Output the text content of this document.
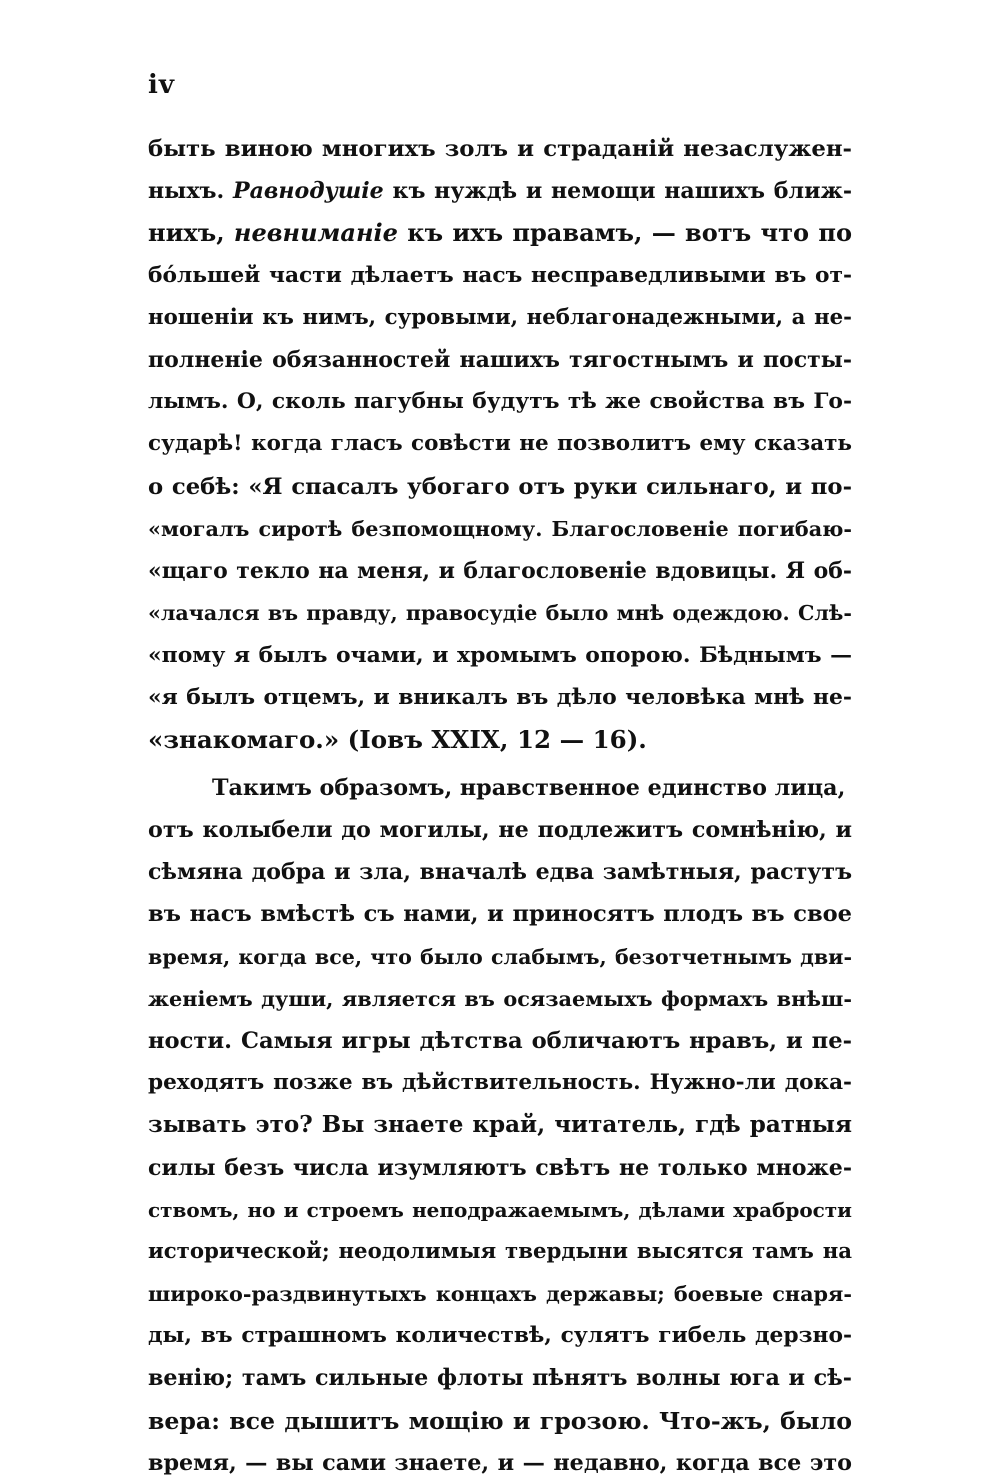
iv
быть виною многихъ золъ и страданій незаслужен-
ныхъ. Равнодушіе къ нуждѣ и немощи нашихъ ближ-
нихъ, невниманіе къ ихъ правамъ, — вотъ что по
бóльшей части дѣлаетъ насъ несправедливыми въ от-
ношеніи къ нимъ, суровыми, неблагонадежными, а не-
полненіе обязанностей нашихъ тягостнымъ и посты-
лымъ. О, сколь пагубны будутъ тѣ же свойства въ Го-
сударѣ! когда гласъ совѣсти не позволитъ ему сказать
о себѣ: «Я спасалъ убогаго отъ руки сильнаго, и по-
«могалъ сиротѣ безпомощному. Благословеніе погибаю-
«щаго текло на меня, и благословеніе вдовицы. Я об-
«лачался въ правду, правосудіе было мнѣ одеждою. Слѣ-
«пому я былъ очами, и хромымъ опорою. Бѣднымъ —
«я былъ отцемъ, и вникалъ въ дѣло человѣка мнѣ не-
«знакомаго.» (Іовъ XXIX, 12 — 16).
Такимъ образомъ, нравственное единство лица,
отъ колыбели до могилы, не подлежитъ сомнѣнію, и
сѣмяна добра и зла, вначалѣ едва замѣтныя, растутъ
въ насъ вмѣстѣ съ нами, и приносятъ плодъ въ свое
время, когда все, что было слабымъ, безотчетнымъ дви-
женіемъ души, является въ осязаемыхъ формахъ внѣш-
ности. Самыя игры дѣтства обличаютъ нравъ, и пе-
реходятъ позже въ дѣйствительность. Нужно-ли дока-
зывать это? Вы знаете край, читатель, гдѣ ратныя
силы безъ числа изумляютъ свѣтъ не только множе-
ствомъ, но и строемъ неподражаемымъ, дѣлами храбрости
исторической; неодолимыя твердыни высятся тамъ на
широко-раздвинутыхъ концахъ державы; боевые снаря-
ды, въ страшномъ количествѣ, сулятъ гибель дерзно-
венію; тамъ сильные флоты пѣнятъ волны юга и сѣ-
вера: все дышитъ мощію и грозою. Что-жъ, было
время, — вы сами знаете, и — недавно, когда все это
